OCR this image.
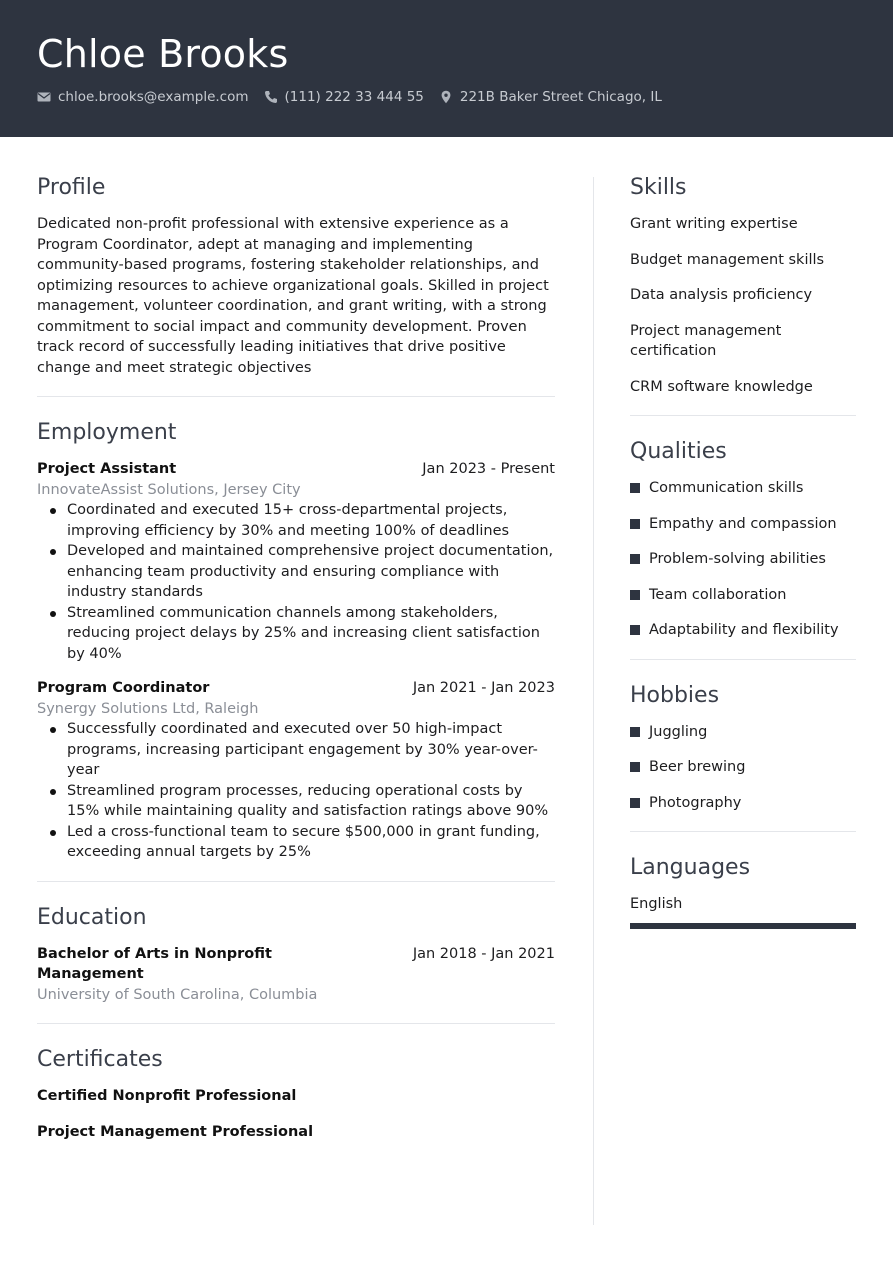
Chloe Brooks
chloe.brooks@example.com	(111) 222 33 444 55	221B Baker Street Chicago, IL
Profile

Dedicated non-profit professional with extensive experience as a Program Coordinator, adept at managing and implementing community-based programs, fostering stakeholder relationships, and optimizing resources to achieve organizational goals. Skilled in project management, volunteer coordination, and grant writing, with a strong commitment to social impact and community development. Proven track record of successfully leading initiatives that drive positive change and meet strategic objectives

Employment
Project Assistant	Jan 2023 - Present
InnovateAssist Solutions, Jersey City
Coordinated and executed 15+ cross-departmental projects, improving efficiency by 30% and meeting 100% of deadlines
Developed and maintained comprehensive project documentation, enhancing team productivity and ensuring compliance with industry standards
Streamlined communication channels among stakeholders, reducing project delays by 25% and increasing client satisfaction by 40%
Program Coordinator	Jan 2021 - Jan 2023
Synergy Solutions Ltd, Raleigh
Successfully coordinated and executed over 50 high-impact programs, increasing participant engagement by 30% year-over-year
Streamlined program processes, reducing operational costs by 15% while maintaining quality and satisfaction ratings above 90%
Led a cross-functional team to secure $500,000 in grant funding, exceeding annual targets by 25%
Education
Bachelor of Arts in Nonprofit Management
Jan 2018 - Jan 2021
University of South Carolina, Columbia
Certificates
Certified Nonprofit Professional
Project Management Professional
Skills
Grant writing expertise
Budget management skills
Data analysis proficiency
Project management certification
CRM software knowledge
Qualities
Communication skills
Empathy and compassion
Problem-solving abilities
Team collaboration
Adaptability and flexibility
Hobbies
Juggling
Beer brewing
Photography
Languages
English
